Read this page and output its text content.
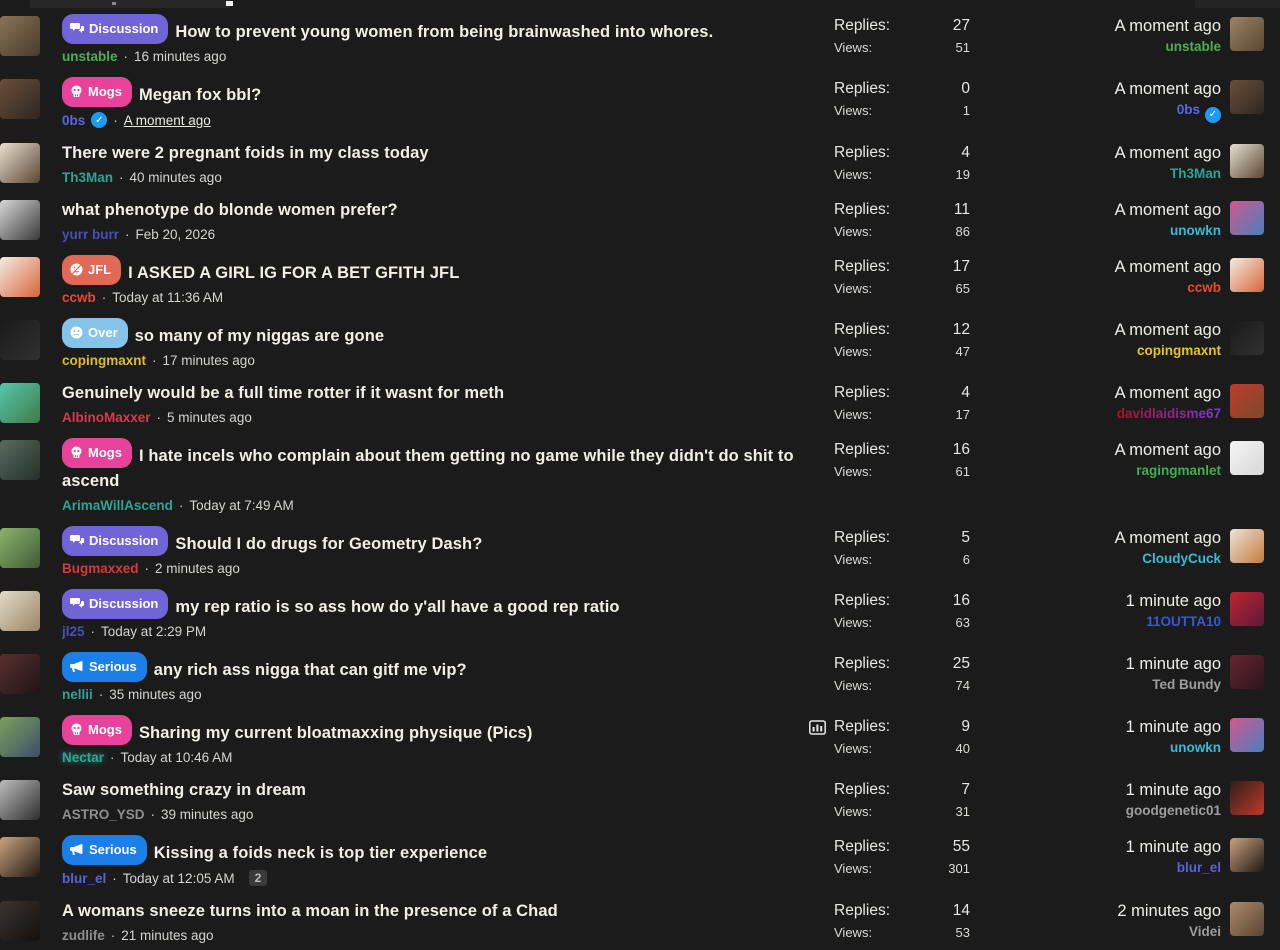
Discussion How to prevent young women from being brainwashed into whores.
unstable · 16 minutes ago
Replies:	27
Views:	51
A moment ago
unstable
Mogs Megan fox bbl?
0bs ✓ · A moment ago
Replies:	0
Views:	1
A moment ago
0bs ✓
There were 2 pregnant foids in my class today
Th3Man · 40 minutes ago
Replies:	4
Views:	19
A moment ago
Th3Man
what phenotype do blonde women prefer?
yurr burr · Feb 20, 2026
Replies:	11
Views:	86
A moment ago
unowkn
JFL I ASKED A GIRL IG FOR A BET GFITH JFL
ccwb · Today at 11:36 AM
Replies:	17
Views:	65
A moment ago
ccwb
Over so many of my niggas are gone
copingmaxnt · 17 minutes ago
Replies:	12
Views:	47
A moment ago
copingmaxnt
Genuinely would be a full time rotter if it wasnt for meth
AlbinoMaxxer · 5 minutes ago
Replies:	4
Views:	17
A moment ago
davidlaidisme67
Mogs I hate incels who complain about them getting no game while they didn't do shit to ascend
ArimaWillAscend · Today at 7:49 AM
Replies:	16
Views:	61
A moment ago
ragingmanlet
Discussion Should I do drugs for Geometry Dash?
Bugmaxxed · 2 minutes ago
Replies:	5
Views:	6
A moment ago
CloudyCuck
Discussion my rep ratio is so ass how do y'all have a good rep ratio
jl25 · Today at 2:29 PM
Replies:	16
Views:	63
1 minute ago
11OUTTA10
Serious any rich ass nigga that can gitf me vip?
nellii · 35 minutes ago
Replies:	25
Views:	74
1 minute ago
Ted Bundy
Mogs Sharing my current bloatmaxxing physique (Pics)
Nectar · Today at 10:46 AM
Replies:	9
Views:	40
1 minute ago
unowkn
Saw something crazy in dream
ASTRO_YSD · 39 minutes ago
Replies:	7
Views:	31
1 minute ago
goodgenetic01
Serious Kissing a foids neck is top tier experience
blur_el · Today at 12:05 AM	2
Replies:	55
Views:	301
1 minute ago
blur_el
A womans sneeze turns into a moan in the presence of a Chad
zudlife · 21 minutes ago
Replies:	14
Views:	53
2 minutes ago
Videi
